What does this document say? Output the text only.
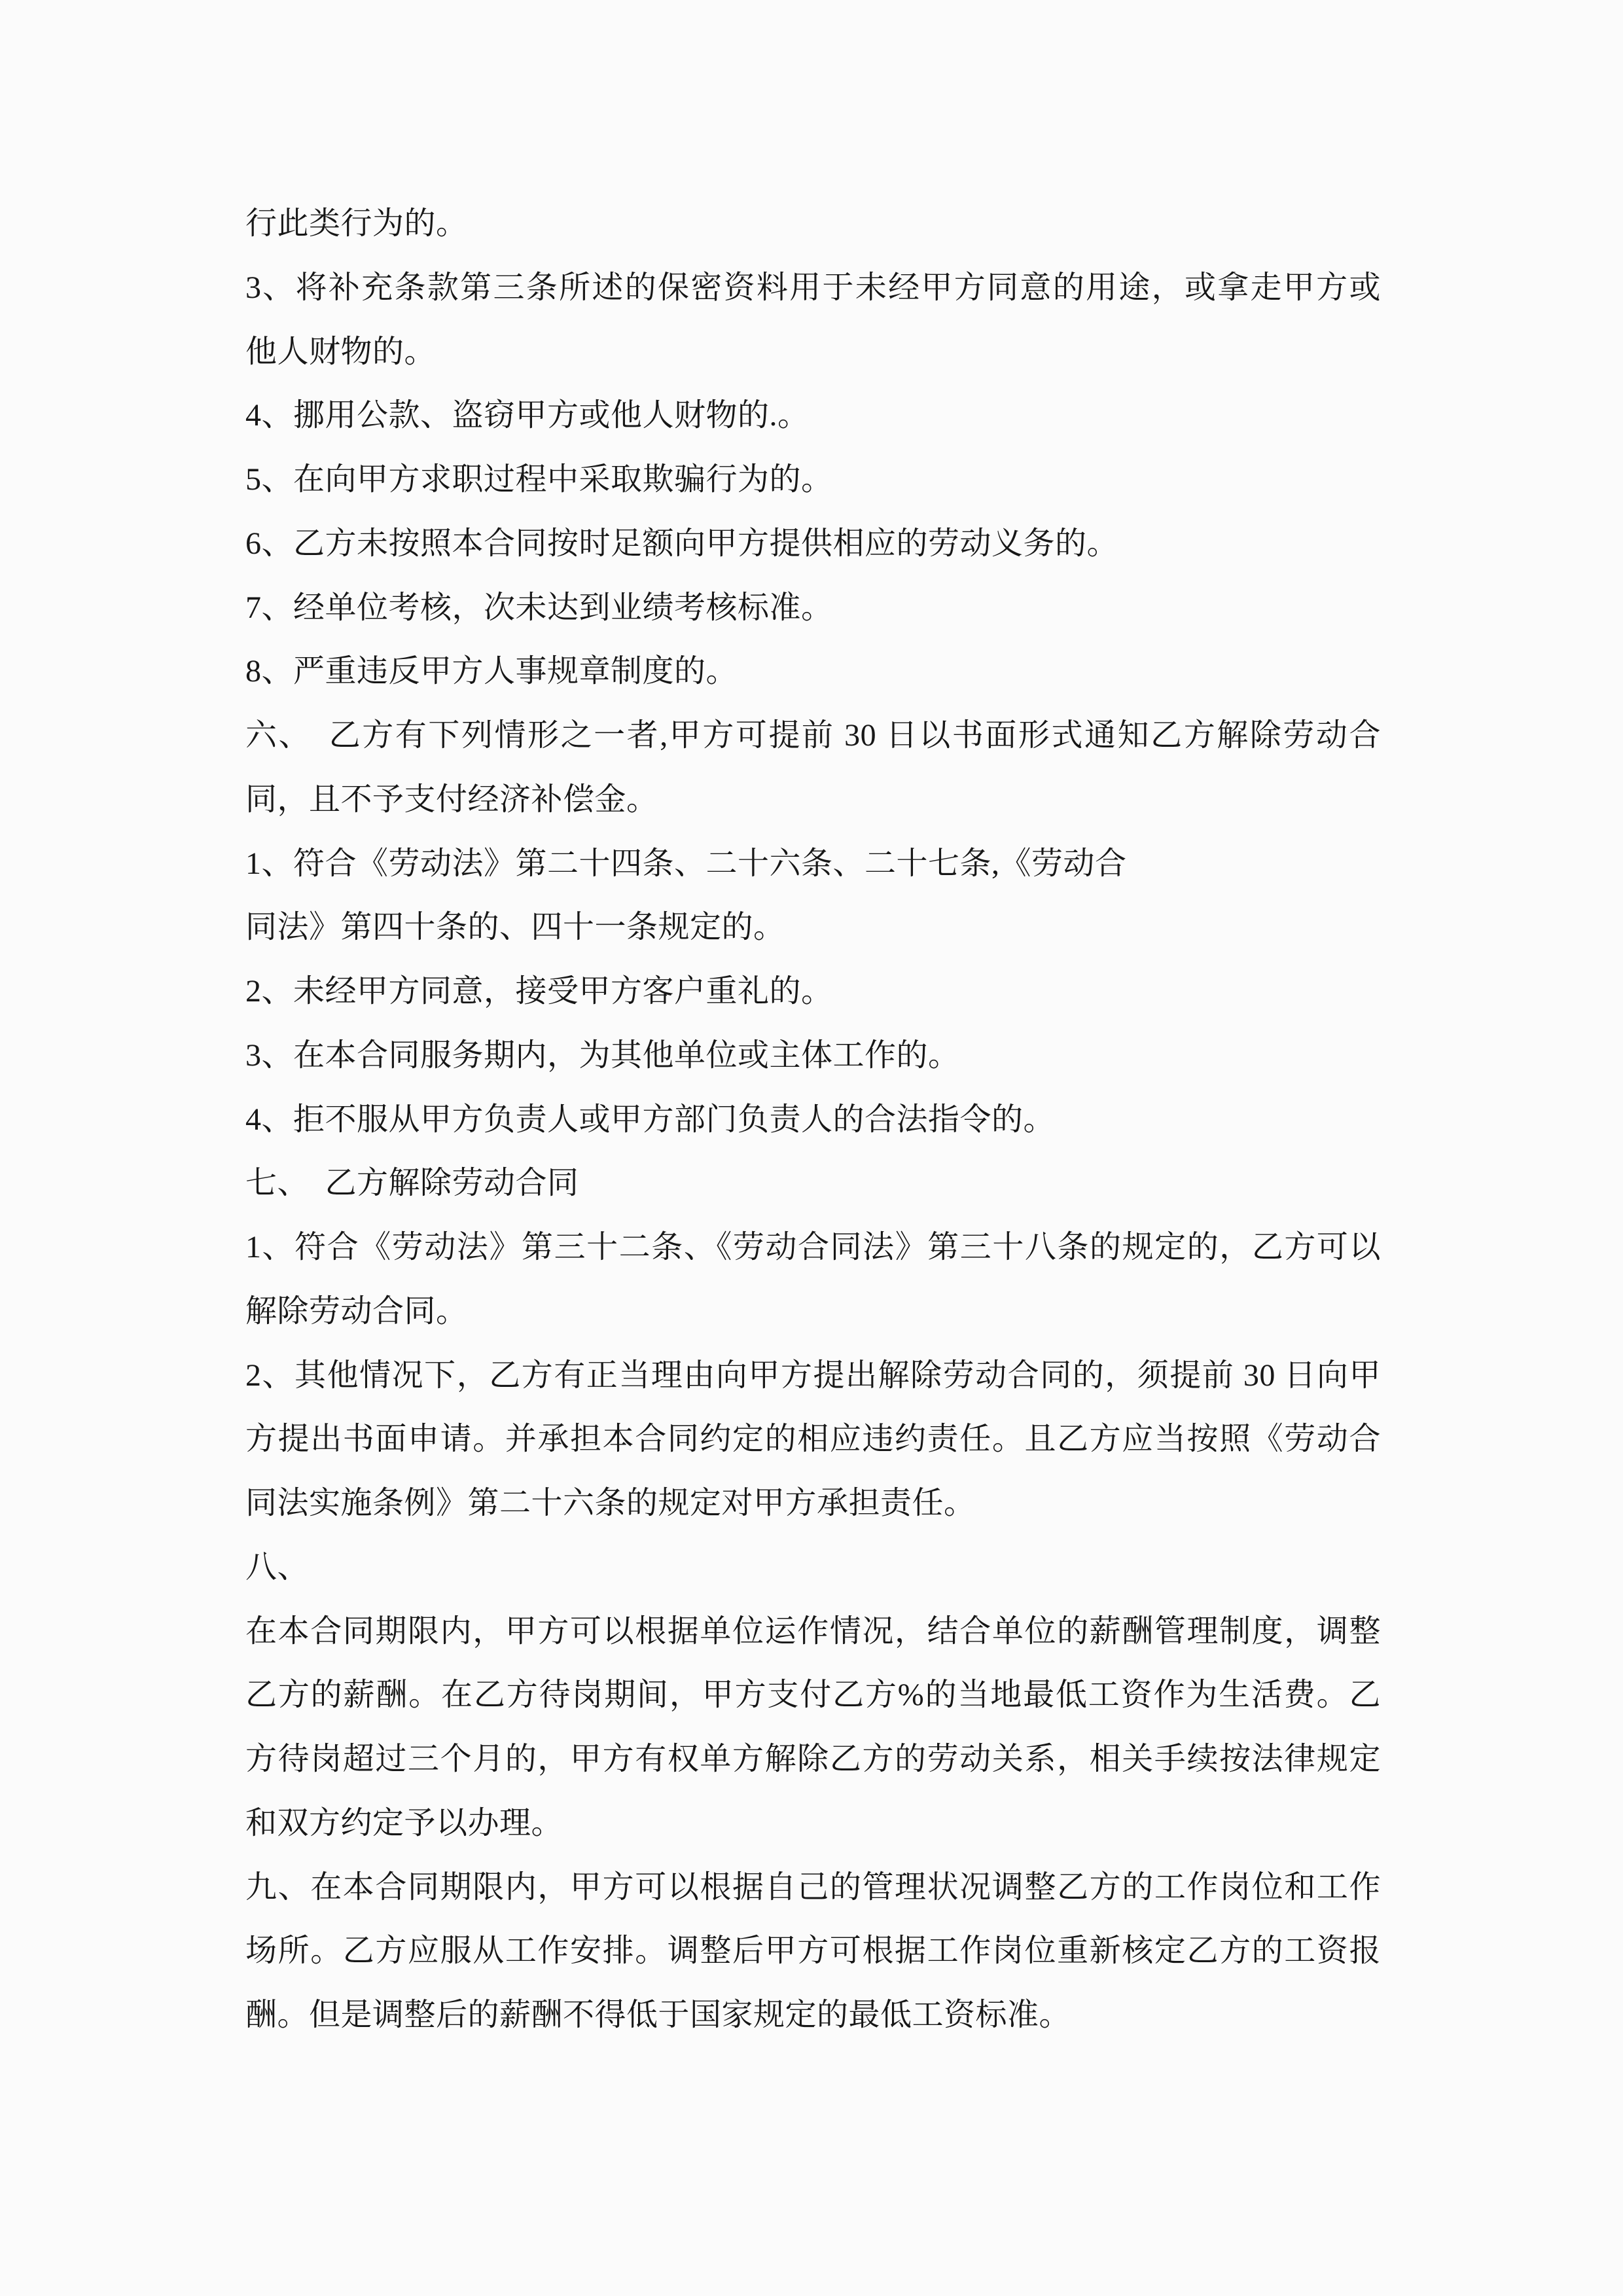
行此类行为的。
3、将补充条款第三条所述的保密资料用于未经甲方同意的用途，或拿走甲方或
他人财物的。
4、挪用公款、盗窃甲方或他人财物的.。
5、在向甲方求职过程中采取欺骗行为的。
6、乙方未按照本合同按时足额向甲方提供相应的劳动义务的。
7、经单位考核，次未达到业绩考核标准。
8、严重违反甲方人事规章制度的。
六、　乙方有下列情形之一者,甲方可提前 30 日以书面形式通知乙方解除劳动合
同，且不予支付经济补偿金。
1、符合《劳动法》第二十四条、二十六条、二十七条,《劳动合
同法》第四十条的、四十一条规定的。
2、未经甲方同意，接受甲方客户重礼的。
3、在本合同服务期内，为其他单位或主体工作的。
4、拒不服从甲方负责人或甲方部门负责人的合法指令的。
七、　乙方解除劳动合同
1、符合《劳动法》第三十二条、《劳动合同法》第三十八条的规定的，乙方可以
解除劳动合同。
2、其他情况下，乙方有正当理由向甲方提出解除劳动合同的，须提前 30 日向甲
方提出书面申请。并承担本合同约定的相应违约责任。且乙方应当按照《劳动合
同法实施条例》第二十六条的规定对甲方承担责任。
八、
在本合同期限内，甲方可以根据单位运作情况，结合单位的薪酬管理制度，调整
乙方的薪酬。在乙方待岗期间，甲方支付乙方%的当地最低工资作为生活费。乙
方待岗超过三个月的，甲方有权单方解除乙方的劳动关系，相关手续按法律规定
和双方约定予以办理。
九、在本合同期限内，甲方可以根据自己的管理状况调整乙方的工作岗位和工作
场所。乙方应服从工作安排。调整后甲方可根据工作岗位重新核定乙方的工资报
酬。但是调整后的薪酬不得低于国家规定的最低工资标准。
